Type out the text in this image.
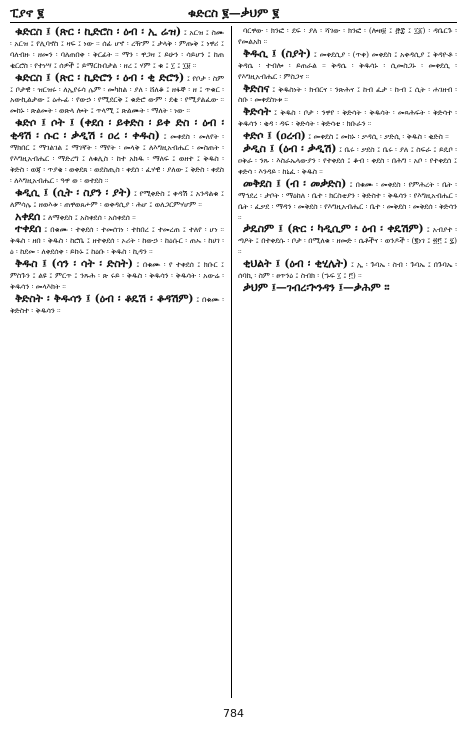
ፒያኖ ፪	ቁድርስ ፪—ቃህም ፪

ቁድርስ ፤ (ጽር ፡ ኪድሮስ ፡ ዕብ ፡ ኢ ሬዝ) ፤ አርዝ ፤ ስሙ ፡ አርዝ ፤ የሊባኖስ ፤ ዛፍ ፤ ነው ። ሰፊ ሆኖ ፡ ረዥም ፤ ታላቅ ፡ ምጡቅ ፤ ነዋሪ ፤ ባለብዙ ፡ ዘመን ፡ ባለጠበቀ ፡ ቅርፊት ። ማን ፡ ዋጋዛ ፤ ይሁን ፡ ሳይሆን ፤ ከጠ ቂርሮስ ፡ የተነሣ ፤ ሰዎች ፤ ይማርኩበታል ፡ ዘረ ፤ ሃም ፤ ቁ ፤ ፲ ፤ ፲፱ ።

ቁድርስ ፤ (ጽር ፡ ኪድሮን ፡ ዕብ ፡ ቂ ድሮን) ፤ የቦታ ፡ ስም ፤ ቦታዊ ፡ ዝርዝሩ ፡ ለኢየሩሳ ሌም ፡ መካከል ፡ ያለ ፡ ሸለቆ ፤ ዘፋኞ ፡ ዘ ፤ ጥቁር ፡ አውኪልታው ፤ ዕሑፊ ፡ የውኃ ፡ የሚደርቅ ፤ ቁድሮ ውም ፡ ደቂ ፡ የሚያልፈው ። መከኑ ፡ ጽልመት ፡ ወጽላ ሎት ፤ ጥላሚ ፤ ጽልሙት ፡ ማለት ፡ ነው ።

ቁድሶ ፤ ሶት ፤ (ቀደሰ ፡ ይቀድስ ፡ ይቀ ድስ ፡ ዕብ ፡ ቂዳሽ ፡ ሱር ፡ ቃዲሽ ፡ ዐረ ፡ ቀዱስ) ፤ መቀደስ ፡ መለየት ፡ ማክበር ፤ ማገልገል ፤ ማገኛት ፡ ማየት ፡ መላቅ ፤ ለእግዚአብሔር ፡ መስጠት ፡ የእግዚአብሔር ፡ ማድረግ ፤ ለቁሊስ ፡ ከተ አክዱ ፡ ማለፍ ፤ ወዘተ ፤ ቅዱስ ፡ ቅድስ ፡ ወጃ ፡ ጥያቄ ፡ ወቀደጸ ፡ ወደስጢስ ፡ ቀደሰ ፡ ፈሃዊ ፡ ያለው ፤ ቅድስ ፡ ቀደስ ፡ ለእግዚአብሔር ፡ ዓዋ ወ ፡ ወተደስ ።

ቁዲሲ ፤ (ሲት ፡ ስያን ፡ ያት) ፤ የሚቀድስ ፤ ቀዳሽ ፤ አንዳልቁ ፤ ለምሳሌ ፤ ዘወእቱ ፡ ጠዋወጰሖም ፡ ወቀዳሲያ ፡ ሕሆ ፤ ወለጋርምሃሆም ።

አቀደሰ ፤ ለማቀደስ ፤ አስቀደሰ ፡ አሰቀደሰ ።

ተቀደሰ ፤ በቁሙ ፡ ተቀደሰ ፡ ተመሰገነ ፡ ተከበረ ፤ ተመረጠ ፤ ተለየ ፡ ሆነ ። ቅዱስ ፡ ዘበ ፡ ቅዱስ ፡ ከሮቤ ፤ ዘተቀደሰ ፡ ኦሪት ፡ ከውኃ ፡ ከዕሱር ፡ ጠኡ ፡ ከሀገ ፡ ዕ ፡ ከደመ ፡ ለቀደሰቀ ፡ ይኩኑ ፤ ከዕቡ ፡ ቅዱስ ፡ ኪዳን ።

ቅዱስ ፤ (ሳን ፡ ሳት ፡ ድስት) ፤ በቁሙ ፡ የ ተቀደሰ ፤ ክቡር ፤ ምስጉን ፤ ልዩ ፤ ምርጥ ፤ ንጹሕ ፡ ጽ ሩይ ፡ ቅዱስ ፡ ቅዱሳን ፡ ቅዱሳት ፡ አውሬ ፡ ቅዱሳን ፡ መላእክት ።

ቅድስት ፡ ቅዱሳን ፤ (ዕብ ፡ ቆዴሽ ፡ ቆዳሽም) ፤ በቁሙ ፡ ቅድስተ ፡ ቅዱሳን ።

ባርዋው ፡ ክንፎ ፡ ደፍ ፡ ያለ ፡ ሻገው ፡ ክንፎ ፡ (ሎፀ፱ ፤ ፸፰ ፤ ፲፩) ፡ ዳቤርጉ ፡ የመልአክ ።

ቅዱሲ ፤ (ስያት) ፤ መቀደሲያ ፡ (ጥቀ) መቀደስ ፤ አቀዳሲያ ፤ ቅዳዮቶ ፡ ቅዳሴ ፡ ተብሎ ፡ ይጠራል ። ቅዳሴ ፡ ቅዱሳኑ ፡ ሲመስጋኑ ፡ መቀደሲ ፡ የእግዚአብሔር ፡ ምስጋና ።

ቅድስና ፤ ቅዱስነት ፡ ክብርና ፡ ንጽሕና ፤ ከብ ፈታ ፡ ኩብ ፤ ሲት ፡ ሐገዘብ ፡ ስቡ ፡ መቀደስነቱ ።

ቅድሳት ፤ ቅዱስ ፡ ቦታ ፡ ንዋየ ፡ ቅድሳት ፡ ቅዱሳት ፡ መጻሕፍት ፡ ቅድሳተ ፡ ቅዱሳን ፡ ቂዳ ፡ ዳፍ ፡ ቅድሳት ፡ ቅድሳቲ ፡ ክቡራን ።

ቀድሶ ፤ (ዐረብ) ፤ መቀደስ ፤ መከኑ ፡ ቃዳሲ ፡ ቃድሲ ፡ ቅዱስ ፡ ቂድስ ።

ቃዲስ ፤ (ዕብ ፡ ቃዲሽ) ፤ ቤሩ ፡ ቃደስ ፤ ቤሩ ፡ ያለ ፤ ስፍራ ፤ ይዴቦ ፡ ዐቅራ ፡ ንጹ ፡ እስራኤላውያን ፡ የተቀደሰ ፤ ቆብ ፡ ቀደስ ፡ በሕግ ፡ አቦ ፡ የተቀደሰ ፤ ቀድሳ ፡ እንዳይ ፡ ከኒፈ ፡ ቅዱስ ።

መቅደስ ፤ (ብ ፡ መቃድስ) ፤ በቁሙ ፡ መቀደስ ፡ የምሕረት ፡ ቤት ፡ ማኅደረ ፡ ታቦት ፡ ማዕከለ ፡ ቤተ ፡ ክርስቲያን ፡ ቅድስተ ፡ ቅዱሳን ፡ የእግዚአብሔር ፡ ቤት ፡ ፈቃደ ፡ ማዳን ፡ መቅደስ ፡ የእግዚአብሔር ፡ ቤተ ፡ መቅደስ ፡ መቅደሰ ፡ ቅድሳን ።

ቃዴስም ፤ (ጽር ፡ ካዲሲም ፡ ዕብ ፡ ቀዴሽም) ፤ አብያተ ፡ ጣዖት ፤ በተቀደሱ ፡ ቦታ ፡ በሚለቁ ፡ ዘመድ ፡ ሴቶችና ፡ ወንዶች ፡ (፪ነገ ፤ ፳፫ ፤ ፯) ።

ቂህልት ፤ (ዕብ ፡ ቂሂሌት) ፤ ኢ ፡ ጉባኤ ፡ ስብ ፡ ጉባኤ ፤ በጉባኤ ፡ ሰባኪ ፡ ስም ፡ ፀጥንዕ ፤ ስብክ ፡ (ኁፍ ፲ ፤ ፫) ።

ቃህም ፤—ገብረ፡ጕንዳን ፤—ቃሕም ።

784
